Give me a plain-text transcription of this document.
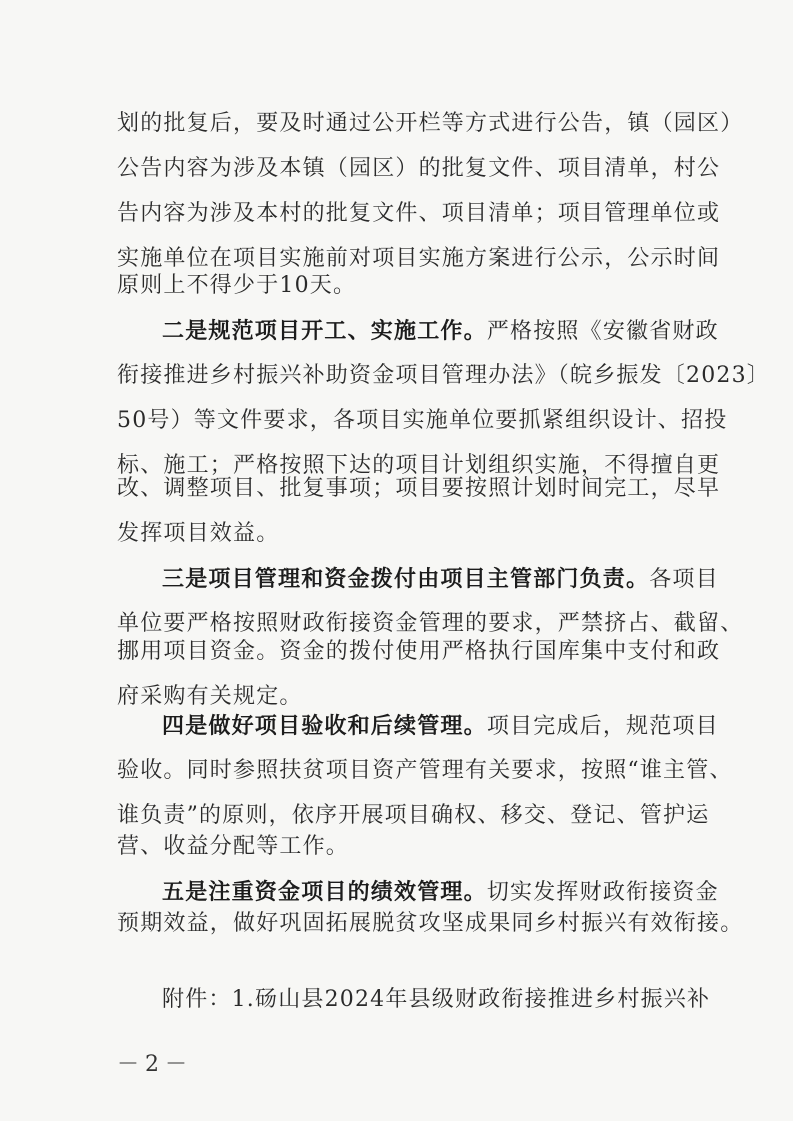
划的批复后，要及时通过公开栏等方式进行公告，镇（园区）
公告内容为涉及本镇（园区）的批复文件、项目清单，村公
告内容为涉及本村的批复文件、项目清单；项目管理单位或
实施单位在项目实施前对项目实施方案进行公示，公示时间
原则上不得少于10天。
二是规范项目开工、实施工作。严格按照《安徽省财政
衔接推进乡村振兴补助资金项目管理办法》（皖乡振发〔2023〕
50号）等文件要求，各项目实施单位要抓紧组织设计、招投
标、施工；严格按照下达的项目计划组织实施，不得擅自更
改、调整项目、批复事项；项目要按照计划时间完工，尽早
发挥项目效益。
三是项目管理和资金拨付由项目主管部门负责。各项目
单位要严格按照财政衔接资金管理的要求，严禁挤占、截留、
挪用项目资金。资金的拨付使用严格执行国库集中支付和政
府采购有关规定。
四是做好项目验收和后续管理。项目完成后，规范项目
验收。同时参照扶贫项目资产管理有关要求，按照“谁主管、
谁负责”的原则，依序开展项目确权、移交、登记、管护运
营、收益分配等工作。
五是注重资金项目的绩效管理。切实发挥财政衔接资金
预期效益，做好巩固拓展脱贫攻坚成果同乡村振兴有效衔接。
附件：1.砀山县2024年县级财政衔接推进乡村振兴补
－2－
